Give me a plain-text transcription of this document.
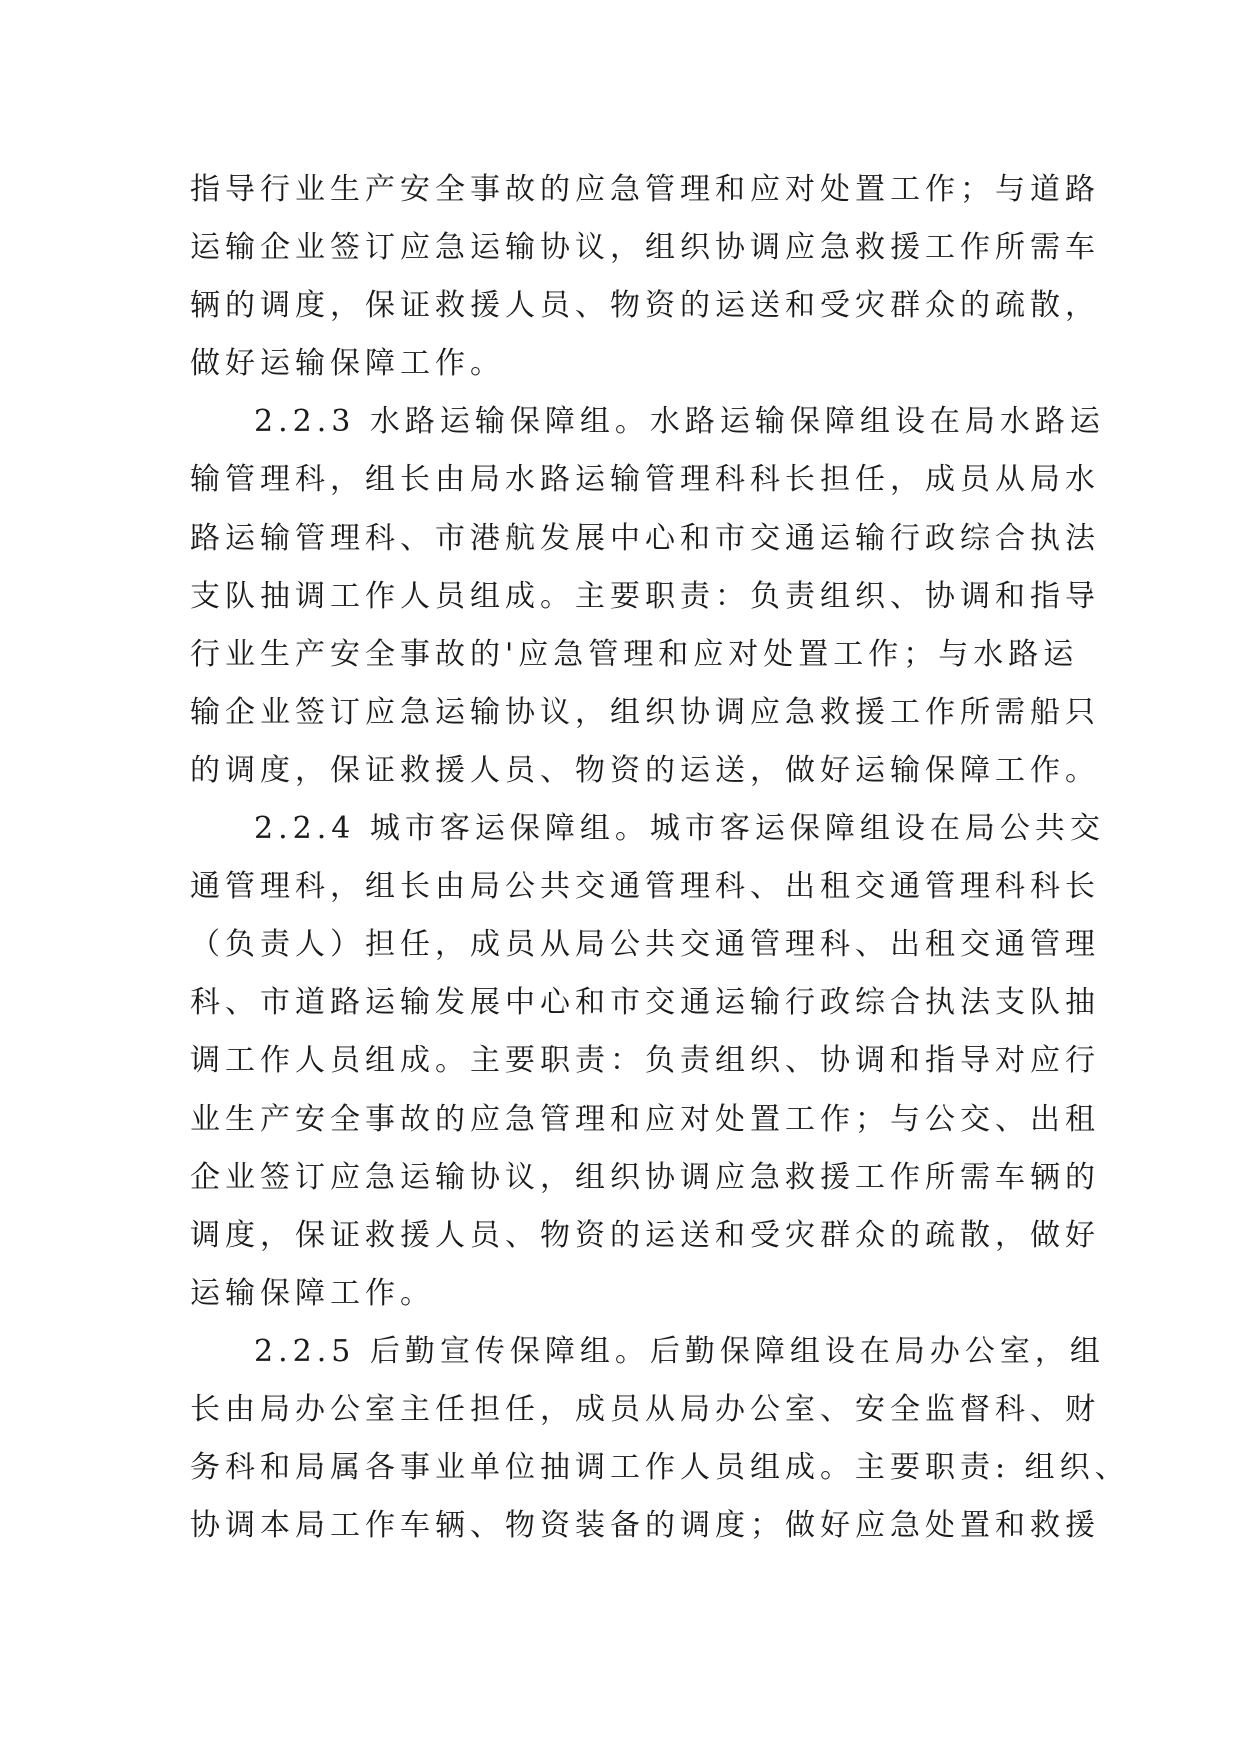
指导行业生产安全事故的应急管理和应对处置工作；与道路
运输企业签订应急运输协议，组织协调应急救援工作所需车
辆的调度，保证救援人员、物资的运送和受灾群众的疏散，
做好运输保障工作。
2.2.3 水路运输保障组。水路运输保障组设在局水路运
输管理科，组长由局水路运输管理科科长担任，成员从局水
路运输管理科、市港航发展中心和市交通运输行政综合执法
支队抽调工作人员组成。主要职责：负责组织、协调和指导
行业生产安全事故的'应急管理和应对处置工作；与水路运
输企业签订应急运输协议，组织协调应急救援工作所需船只
的调度，保证救援人员、物资的运送，做好运输保障工作。
2.2.4 城市客运保障组。城市客运保障组设在局公共交
通管理科，组长由局公共交通管理科、出租交通管理科科长
（负责人）担任，成员从局公共交通管理科、出租交通管理
科、市道路运输发展中心和市交通运输行政综合执法支队抽
调工作人员组成。主要职责：负责组织、协调和指导对应行
业生产安全事故的应急管理和应对处置工作；与公交、出租
企业签订应急运输协议，组织协调应急救援工作所需车辆的
调度，保证救援人员、物资的运送和受灾群众的疏散，做好
运输保障工作。
2.2.5 后勤宣传保障组。后勤保障组设在局办公室，组
长由局办公室主任担任，成员从局办公室、安全监督科、财
务科和局属各事业单位抽调工作人员组成。主要职责: 组织、
协调本局工作车辆、物资装备的调度；做好应急处置和救援
